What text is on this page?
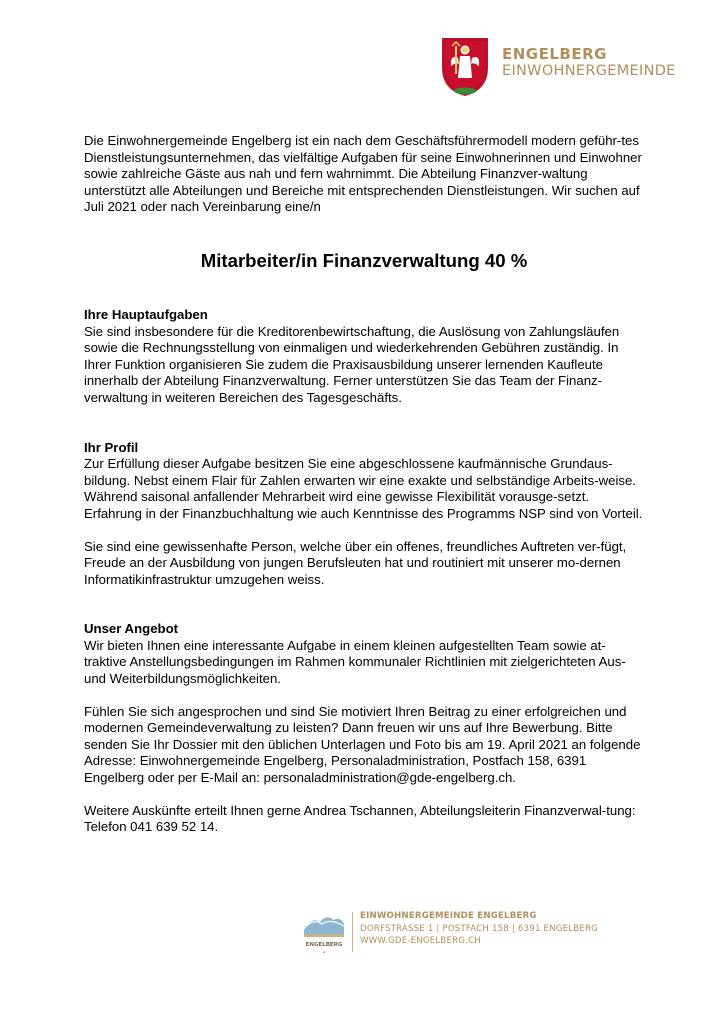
ENGELBERG
EINWOHNERGEMEINDE

Die Einwohnergemeinde Engelberg ist ein nach dem Geschäftsführermodell modern geführ-tes Dienstleistungsunternehmen, das vielfältige Aufgaben für seine Einwohnerinnen und Einwohner sowie zahlreiche Gäste aus nah und fern wahrnimmt. Die Abteilung Finanzver-waltung unterstützt alle Abteilungen und Bereiche mit entsprechenden Dienstleistungen. Wir suchen auf Juli 2021 oder nach Vereinbarung eine/n

Mitarbeiter/in Finanzverwaltung 40 %

Ihre Hauptaufgaben

Sie sind insbesondere für die Kreditorenbewirtschaftung, die Auslösung von Zahlungsläufen sowie die Rechnungsstellung von einmaligen und wiederkehrenden Gebühren zuständig. In Ihrer Funktion organisieren Sie zudem die Praxisausbildung unserer lernenden Kaufleute innerhalb der Abteilung Finanzverwaltung. Ferner unterstützen Sie das Team der Finanz-verwaltung in weiteren Bereichen des Tagesgeschäfts.

Ihr Profil

Zur Erfüllung dieser Aufgabe besitzen Sie eine abgeschlossene kaufmännische Grundaus-bildung. Nebst einem Flair für Zahlen erwarten wir eine exakte und selbständige Arbeits-weise. Während saisonal anfallender Mehrarbeit wird eine gewisse Flexibilität vorausge-setzt. Erfahrung in der Finanzbuchhaltung wie auch Kenntnisse des Programms NSP sind von Vorteil.

Sie sind eine gewissenhafte Person, welche über ein offenes, freundliches Auftreten ver-fügt, Freude an der Ausbildung von jungen Berufsleuten hat und routiniert mit unserer mo-dernen Informatikinfrastruktur umzugehen weiss.

Unser Angebot

Wir bieten Ihnen eine interessante Aufgabe in einem kleinen aufgestellten Team sowie at-traktive Anstellungsbedingungen im Rahmen kommunaler Richtlinien mit zielgerichteten Aus- und Weiterbildungsmöglichkeiten.

Fühlen Sie sich angesprochen und sind Sie motiviert Ihren Beitrag zu einer erfolgreichen und modernen Gemeindeverwaltung zu leisten? Dann freuen wir uns auf Ihre Bewerbung. Bitte senden Sie Ihr Dossier mit den üblichen Unterlagen und Foto bis am 19. April 2021 an folgende Adresse: Einwohnergemeinde Engelberg, Personaladministration, Postfach 158, 6391 Engelberg oder per E-Mail an: personaladministration@gde-engelberg.ch.

Weitere Auskünfte erteilt Ihnen gerne Andrea Tschannen, Abteilungsleiterin Finanzverwal-tung: Telefon 041 639 52 14.

ENGELBERG
▪
EINWOHNERGEMEINDE ENGELBERG
DORFSTRASSE 1 | POSTFACH 158 | 6391 ENGELBERG
WWW.GDE-ENGELBERG.CH
